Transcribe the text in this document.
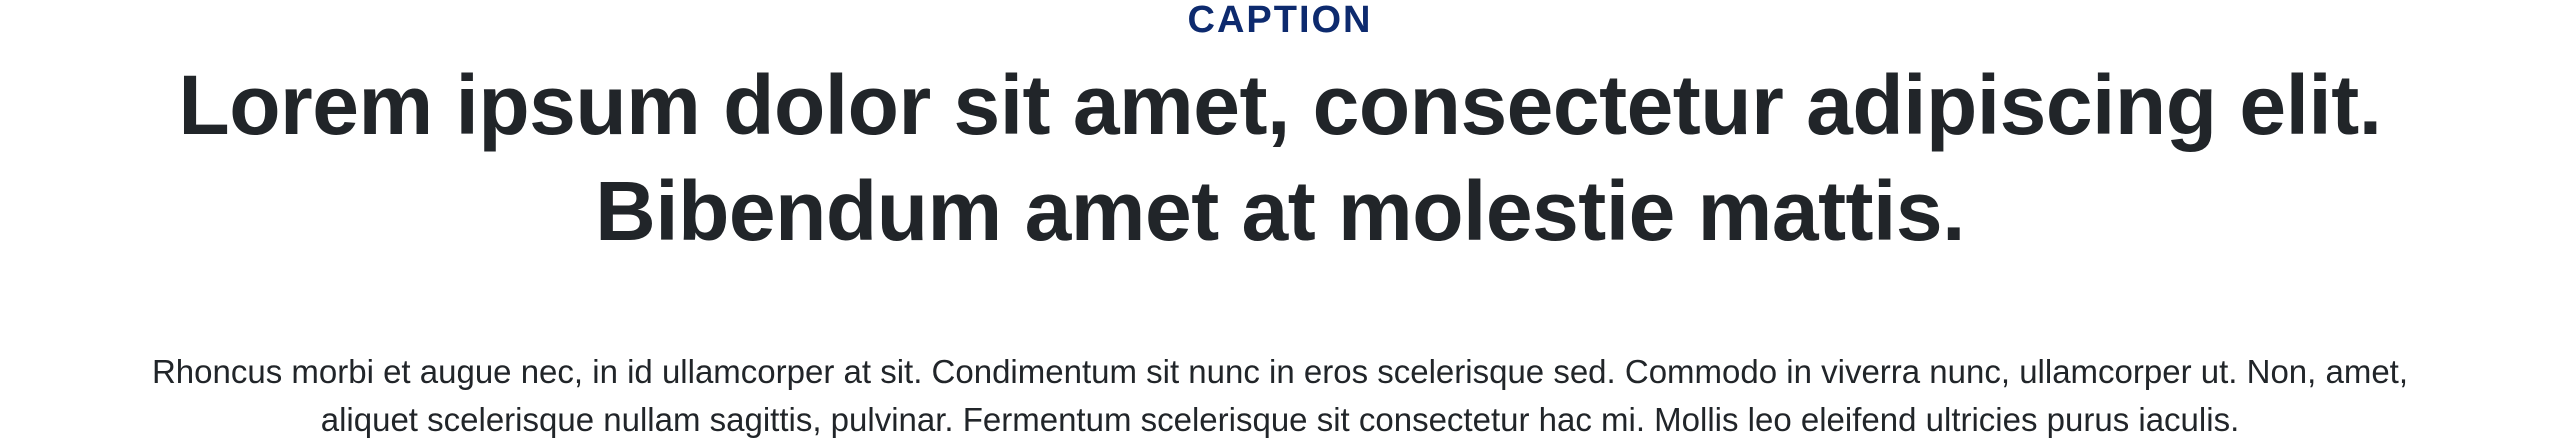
CAPTION

Lorem ipsum dolor sit amet, consectetur adipiscing elit.
Bibendum amet at molestie mattis.

Rhoncus morbi et augue nec, in id ullamcorper at sit. Condimentum sit nunc in eros scelerisque sed. Commodo in viverra nunc, ullamcorper ut. Non, amet,
aliquet scelerisque nullam sagittis, pulvinar. Fermentum scelerisque sit consectetur hac mi. Mollis leo eleifend ultricies purus iaculis.
